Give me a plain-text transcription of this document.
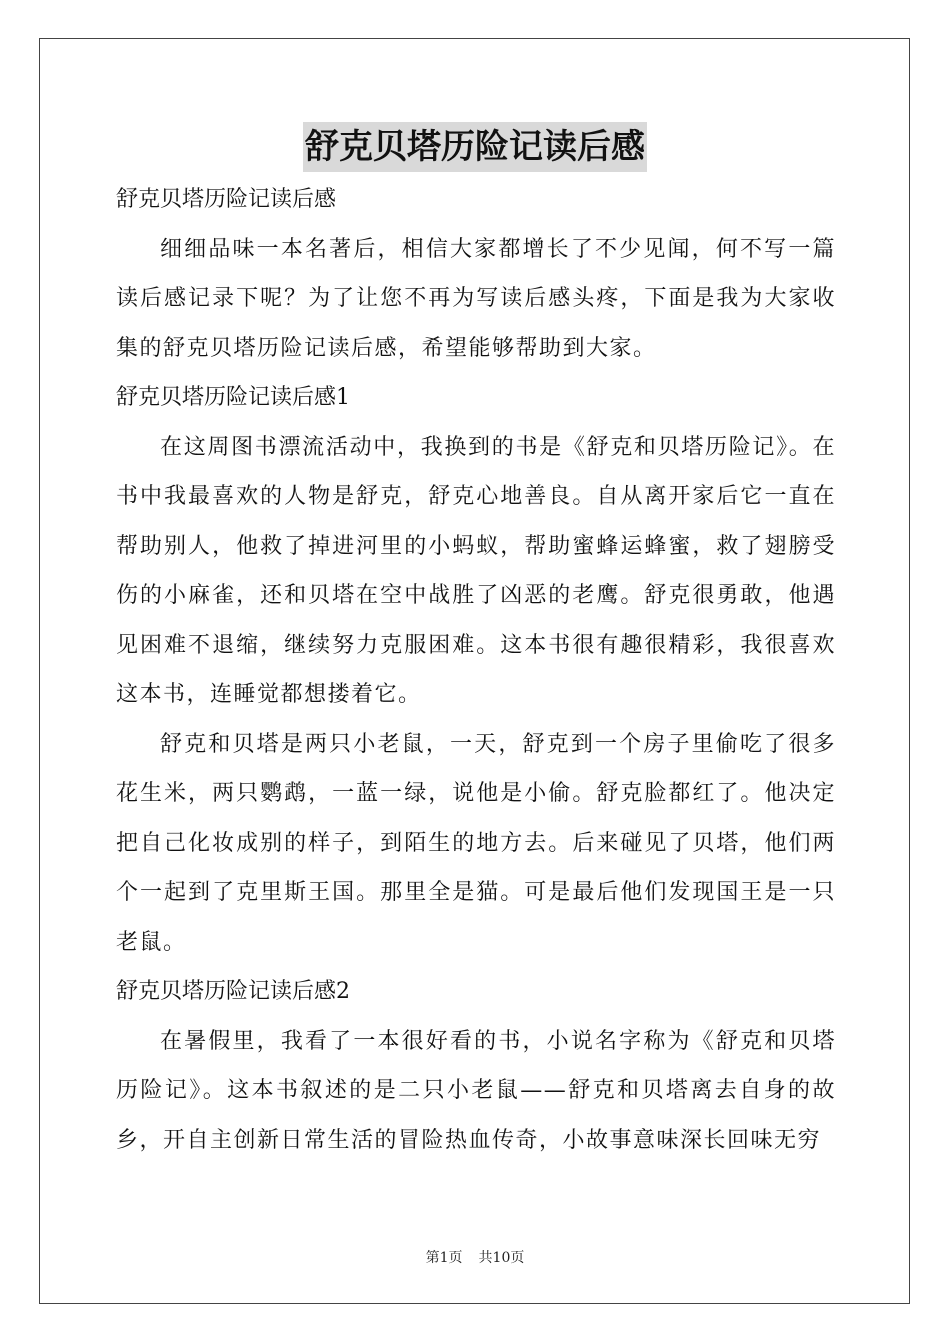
舒克贝塔历险记读后感

舒克贝塔历险记读后感

细细品味一本名著后，相信大家都增长了不少见闻，何不写一篇读后感记录下呢？为了让您不再为写读后感头疼，下面是我为大家收集的舒克贝塔历险记读后感，希望能够帮助到大家。

舒克贝塔历险记读后感1

在这周图书漂流活动中，我换到的书是《舒克和贝塔历险记》。在书中我最喜欢的人物是舒克，舒克心地善良。自从离开家后它一直在帮助别人，他救了掉进河里的小蚂蚁，帮助蜜蜂运蜂蜜，救了翅膀受伤的小麻雀，还和贝塔在空中战胜了凶恶的老鹰。舒克很勇敢，他遇见困难不退缩，继续努力克服困难。这本书很有趣很精彩，我很喜欢这本书，连睡觉都想搂着它。

舒克和贝塔是两只小老鼠，一天，舒克到一个房子里偷吃了很多花生米，两只鹦鹉，一蓝一绿，说他是小偷。舒克脸都红了。他决定把自己化妆成别的样子，到陌生的地方去。后来碰见了贝塔，他们两个一起到了克里斯王国。那里全是猫。可是最后他们发现国王是一只老鼠。

舒克贝塔历险记读后感2

在暑假里，我看了一本很好看的书，小说名字称为《舒克和贝塔历险记》。这本书叙述的是二只小老鼠——舒克和贝塔离去自身的故乡，开自主创新日常生活的冒险热血传奇，小故事意味深长回味无穷

第1页 共10页
